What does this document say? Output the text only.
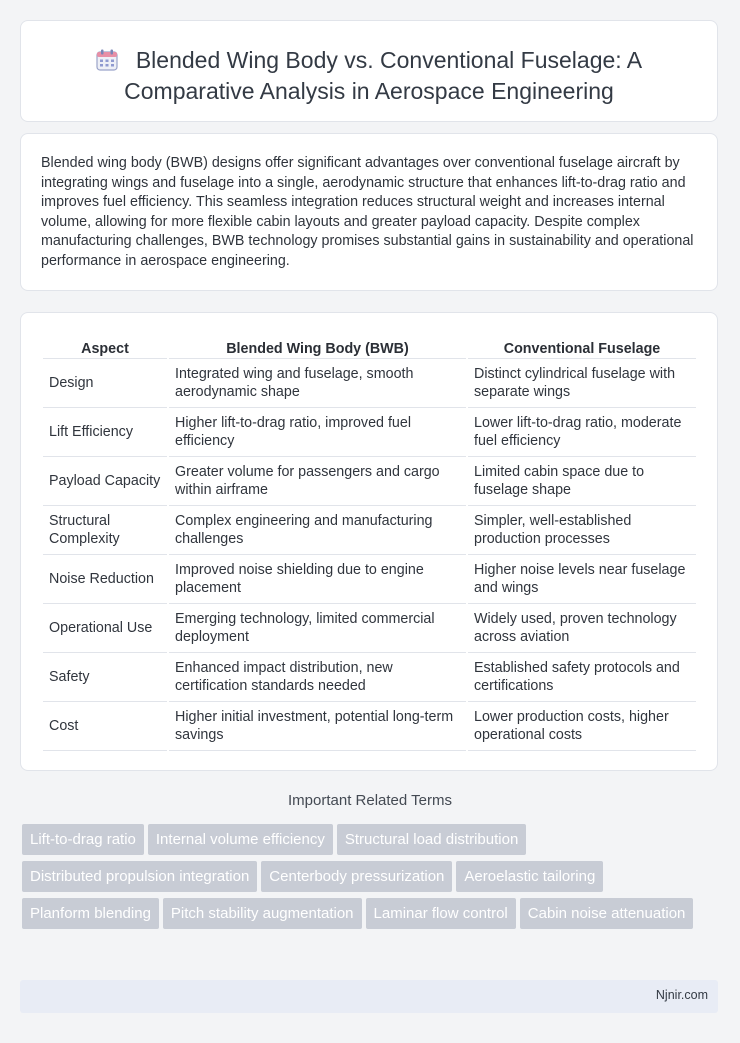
Blended Wing Body vs. Conventional Fuselage: A Comparative Analysis in Aerospace Engineering

Blended wing body (BWB) designs offer significant advantages over conventional fuselage aircraft by integrating wings and fuselage into a single, aerodynamic structure that enhances lift-to-drag ratio and improves fuel efficiency. This seamless integration reduces structural weight and increases internal volume, allowing for more flexible cabin layouts and greater payload capacity. Despite complex manufacturing challenges, BWB technology promises substantial gains in sustainability and operational performance in aerospace engineering.

Aspect	Blended Wing Body (BWB)	Conventional Fuselage
Design	Integrated wing and fuselage, smooth aerodynamic shape	Distinct cylindrical fuselage with separate wings
Lift Efficiency	Higher lift-to-drag ratio, improved fuel efficiency	Lower lift-to-drag ratio, moderate fuel efficiency
Payload Capacity	Greater volume for passengers and cargo within airframe	Limited cabin space due to fuselage shape
Structural Complexity	Complex engineering and manufacturing challenges	Simpler, well-established production processes
Noise Reduction	Improved noise shielding due to engine placement	Higher noise levels near fuselage and wings
Operational Use	Emerging technology, limited commercial deployment	Widely used, proven technology across aviation
Safety	Enhanced impact distribution, new certification standards needed	Established safety protocols and certifications
Cost	Higher initial investment, potential long-term savings	Lower production costs, higher operational costs
Important Related Terms
Lift-to-drag ratio Internal volume efficiency Structural load distributionDistributed propulsion integration Centerbody pressurization Aeroelastic tailoringPlanform blending Pitch stability augmentation Laminar flow control Cabin noise attenuation
Njnir.com
